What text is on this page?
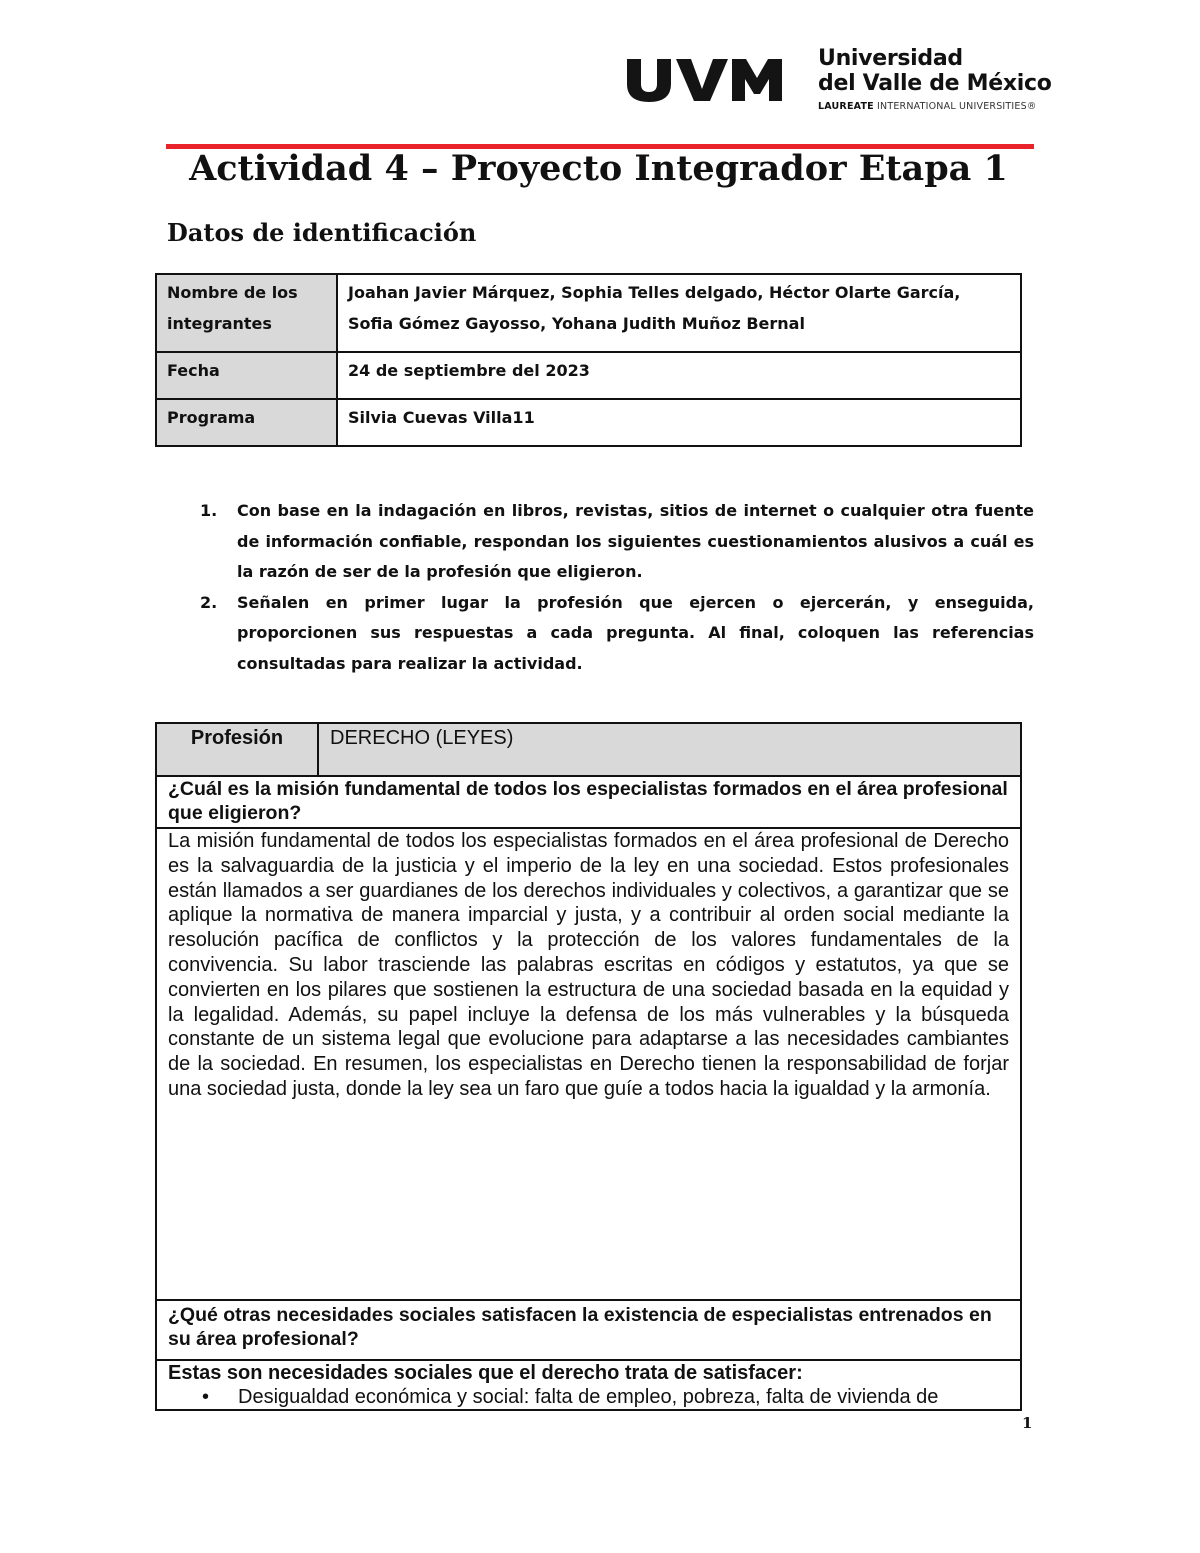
Universidad
del Valle de México
LAUREATE INTERNATIONAL UNIVERSITIES®
Actividad 4 – Proyecto Integrador Etapa 1
Datos de identificación
Nombre de los integrantes	Joahan Javier Márquez, Sophia Telles delgado, Héctor Olarte García, Sofia Gómez Gayosso, Yohana Judith Muñoz Bernal
Fecha	24 de septiembre del 2023
Programa	Silvia Cuevas Villa11
1. Con base en la indagación en libros, revistas, sitios de internet o cualquier otra fuente de información confiable, respondan los siguientes cuestionamientos alusivos a cuál es la razón de ser de la profesión que eligieron.
2. Señalen en primer lugar la profesión que ejercen o ejercerán, y enseguida, proporcionen sus respuestas a cada pregunta. Al final, coloquen las referencias consultadas para realizar la actividad.
Profesión	DERECHO (LEYES)
¿Cuál es la misión fundamental de todos los especialistas formados en el área profesional que eligieron?
La misión fundamental de todos los especialistas formados en el área profesional de Derecho es la salvaguardia de la justicia y el imperio de la ley en una sociedad. Estos profesionales están llamados a ser guardianes de los derechos individuales y colectivos, a garantizar que se aplique la normativa de manera imparcial y justa, y a contribuir al orden social mediante la resolución pacífica de conflictos y la protección de los valores fundamentales de la convivencia. Su labor trasciende las palabras escritas en códigos y estatutos, ya que se convierten en los pilares que sostienen la estructura de una sociedad basada en la equidad y la legalidad. Además, su papel incluye la defensa de los más vulnerables y la búsqueda constante de un sistema legal que evolucione para adaptarse a las necesidades cambiantes de la sociedad. En resumen, los especialistas en Derecho tienen la responsabilidad de forjar una sociedad justa, donde la ley sea un faro que guíe a todos hacia la igualdad y la armonía.
¿Qué otras necesidades sociales satisfacen la existencia de especialistas entrenados en su área profesional?

Estas son necesidades sociales que el derecho trata de satisfacer:
• Desigualdad económica y social: falta de empleo, pobreza, falta de vivienda de
1
